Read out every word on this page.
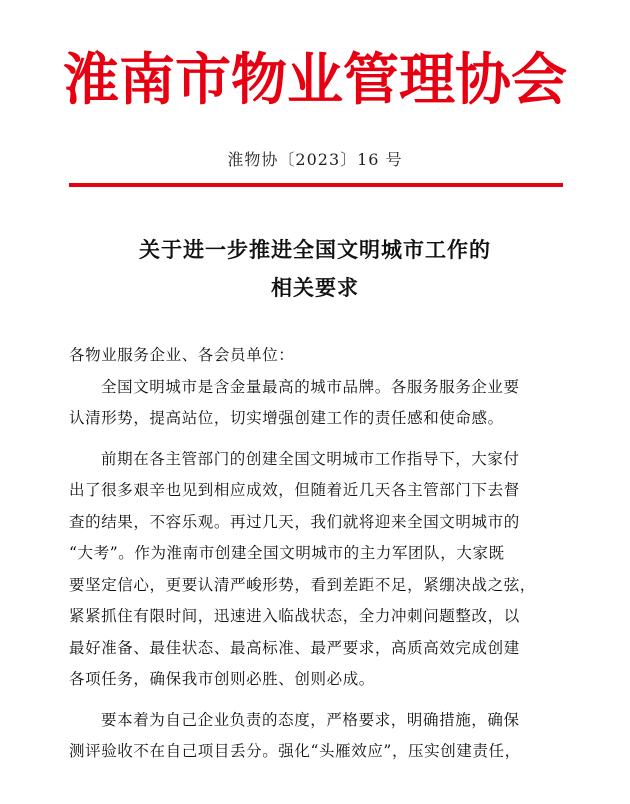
淮南市物业管理协会
淮物协〔2023〕16 号
关于进一步推进全国文明城市工作的
相关要求
各物业服务企业、各会员单位：
全国文明城市是含金量最高的城市品牌。各服务服务企业要
认清形势，提高站位，切实增强创建工作的责任感和使命感。
前期在各主管部门的创建全国文明城市工作指导下，大家付
出了很多艰辛也见到相应成效，但随着近几天各主管部门下去督
查的结果，不容乐观。再过几天，我们就将迎来全国文明城市的
“大考”。作为淮南市创建全国文明城市的主力军团队，大家既
要坚定信心，更要认清严峻形势，看到差距不足，紧绷决战之弦，
紧紧抓住有限时间，迅速进入临战状态，全力冲刺问题整改，以
最好准备、最佳状态、最高标准、最严要求，高质高效完成创建
各项任务，确保我市创则必胜、创则必成。
要本着为自己企业负责的态度，严格要求，明确措施，确保
测评验收不在自己项目丢分。强化“头雁效应”，压实创建责任，
